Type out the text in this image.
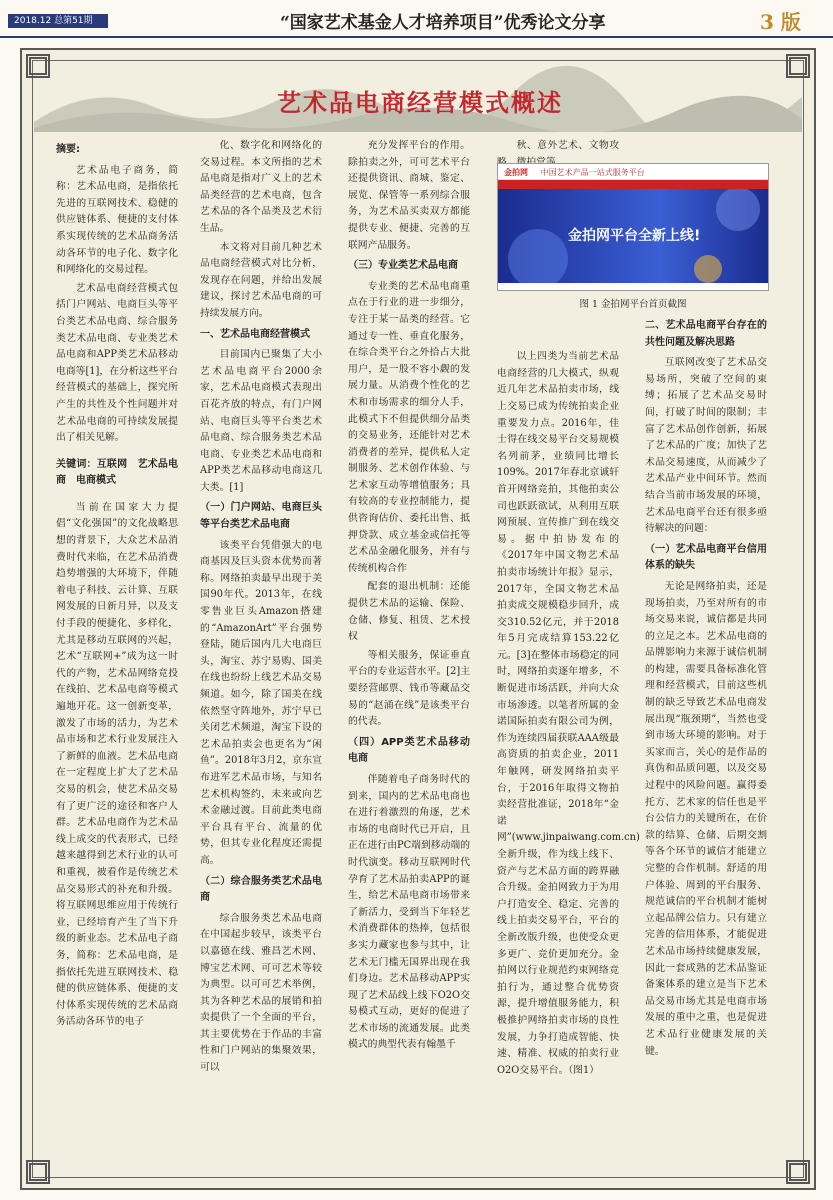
2018.12 总第51期	“国家艺术基金人才培养项目”优秀论文分享	3 版
艺术品电商经营模式概述

摘要:

艺术品电子商务，简称：艺术品电商，是指依托先进的互联网技术、稳健的供应链体系、便捷的支付体系实现传统的艺术品商务活动各环节的电子化、数字化和网络化的交易过程。

艺术品电商经营模式包括门户网站、电商巨头等平台类艺术品电商、综合服务类艺术品电商、专业类艺术品电商和APP类艺术品移动电商等[1]，在分析这些平台经营模式的基础上，探究所产生的共性及个性问题并对艺术品电商的可持续发展提出了相关见解。

关键词：互联网　艺术品电商　电商模式

当前在国家大力提倡“文化强国”的文化战略思想的背景下，大众艺术品消费时代来临，在艺术品消费趋势增强的大环境下，伴随着电子科技、云计算、互联网发展的日新月异，以及支付手段的便捷化、多样化，尤其是移动互联网的兴起，艺术“互联网+”成为这一时代的产物，艺术品网络竞投在线拍、艺术品电商等模式遍地开花。这一创新变革，激发了市场的活力，为艺术品市场和艺术行业发展注入了新鲜的血液。艺术品电商在一定程度上扩大了艺术品交易的机会，使艺术品交易有了更广泛的途径和客户人群。艺术品电商作为艺术品线上成交的代表形式，已经越来越得到艺术行业的认可和重视，被看作是传统艺术品交易形式的补充和升级。将互联网思维应用于传统行业，已经培育产生了当下升级的新业态。艺术品电子商务，简称：艺术品电商，是指依托先进互联网技术、稳健的供应链体系、便捷的支付体系实现传统的艺术品商务活动各环节的电子

化、数字化和网络化的交易过程。本文所指的艺术品电商是指对广义上的艺术品类经营的艺术电商，包含艺术品的各个品类及艺术衍生品。

本文将对目前几种艺术品电商经营模式对比分析，发现存在问题，并给出发展建议，探讨艺术品电商的可持续发展方向。

一、艺术品电商经营模式

目前国内已聚集了大小艺术品电商平台2000余家，艺术品电商模式表现出百花齐放的特点，有门户网站、电商巨头等平台类艺术品电商、综合服务类艺术品电商、专业类艺术品电商和APP类艺术品移动电商这几大类。[1]

（一）门户网站、电商巨头等平台类艺术品电商

该类平台凭借强大的电商基因及巨头资本优势而著称。网络拍卖最早出现于美国90年代。2013年，在线零售业巨头Amazon搭建的“AmazonArt”平台强势登陆，随后国内几大电商巨头，淘宝、苏宁易购、国美在线也纷纷上线艺术品交易频道。如今，除了国美在线依然坚守阵地外，苏宁早已关闭艺术频道，淘宝下设的艺术品拍卖会也更名为“闲鱼”。2018年3月2，京东宣布进军艺术品市场，与知名艺术机构签约，未来或向艺术金融过渡。目前此类电商平台具有平台、流量的优势，但其专业化程度还需提高。

（二）综合服务类艺术品电商

综合服务类艺术品电商在中国起步较早，该类平台以嘉德在线、雅昌艺术网、博宝艺术网、可可艺术等较为典型。以可可艺术举例，其为各种艺术品的展销和拍卖提供了一个全面的平台，其主要优势在于作品的丰富性和门户网站的集聚效果，可以

充分发挥平台的作用。除拍卖之外，可可艺术平台还提供资讯、商城、鉴定、展览、保管等一系列综合服务，为艺术品买卖双方都能提供专业、便捷、完善的互联网产品服务。

（三）专业类艺术品电商

专业类的艺术品电商重点在于行业的进一步细分，专注于某一品类的经营。它通过专一性、垂直化服务，在综合类平台之外拾占大批用户，是一股不容小觑的发展力量。从消费个性化的艺术和市场需求的细分人手，此模式下不但提供细分品类的交易业务，还能针对艺术消费者的差异，提供私人定制服务、艺术创作体验、与艺术家互动等增值服务；具有较高的专业控制能力，提供咨询估价、委托出售、抵押贷款、成立基金或信托等艺术品金融化服务，并有与传统机构合作

配套的退出机制：还能提供艺术品的运输、保险、仓储、修复、租赁、艺术授权

等相关服务，保证垂直平台的专业运营水平。[2]主要经营邮票、钱币等藏品交易的“赵涌在线”是该类平台的代表。

（四）APP类艺术品移动电商

伴随着电子商务时代的到来，国内的艺术品电商也在进行着激烈的角逐，艺术市场的电商时代已开启，且正在进行由PC端到移动端的时代演变。移动互联网时代孕育了艺术品拍卖APP的诞生，给艺术品电商市场带来了新活力，受到当下年轻艺术消费群体的热捧，包括很多实力藏家也参与其中，让艺术无门槛无国界出现在我们身边。艺术品移动APP实现了艺术品线上线下O2O交易模式互动，更好的促进了艺术市场的流通发展。此类模式的典型代表有翰墨千

秋、意外艺术、文物攻

以上四类为当前艺术品电商经营的几大模式，纵观近几年艺术品拍卖市场，线上交易已成为传统拍卖企业重要发力点。2016年，佳士得在线交易平台交易规模名列前茅，业绩同比增长109%。2017年春北京诚轩首开网络竞拍，其他拍卖公司也跃跃欲试，从利用互联网预展、宣传推广到在线交易。据中拍协发布的《2017年中国文物艺术品拍卖市场统计年报》显示，2017年，全国文物艺术品拍卖成交规模稳步回升，成交310.52亿元，并于2018年5月完成结算153.22亿元。[3]在整体市场稳定的同时，网络拍卖逐年增多，不断促进市场活跃，并向大众市场渗透。以笔者所属的金诺国际拍卖有限公司为例，作为连续四届获联AAA级最高资质的拍卖企业，2011年触网，研发网络拍卖平台，于2016年取得文物拍卖经营批准证，2018年“金诺网”(www.jinpaiwang.com.cn)全新升级，作为线上线下、资产与艺术品方面的跨界融合升级。金拍网致力于为用户打造安全、稳定、完善的线上拍卖交易平台，平台的全新改版升级，也使受众更多更广、竞价更加充分。金拍网以行业规范约束网络竞拍行为，通过整合优势资源，提升增值服务能力，积极推护网络拍卖市场的良性发展，力争打造成智能、快速、精准、权威的拍卖行业O2O交易平台。（图1）

二、艺术品电商平台存在的共性问题及解决思路

互联网改变了艺术品交易场所，突破了空间的束缚；拓展了艺术品交易时间，打破了时间的限制；丰富了艺术品创作创新，拓展了艺术品的广度；加快了艺术品交易速度，从而减少了艺术品产业中间环节。然而结合当前市场发展的环境，艺术品电商平台还有很多亟待解决的问题：

（一）艺术品电商平台信用体系的缺失

无论是网络拍卖，还是现场拍卖，乃至对所有的市场交易来说，诚信都是共同的立足之本。艺术品电商的品牌影响力来源于诚信机制的构建，需要具备标准化管理和经营模式，目前这些机制的缺乏导致艺术品电商发展出现“瓶颈期”，当然也受到市场大环境的影响。对于买家而言，关心的是作品的真伪和品质问题，以及交易过程中的风险问题。赢得委托方、艺术家的信任也是平台公信力的关键所在，在价款的结算、仓储、后期交割等各个环节的诚信才能建立完整的合作机制。舒适的用户体验、周到的平台服务、规范诚信的平台机制才能树立起品牌公信力。只有建立完善的信用体系，才能促进艺术品市场持续健康发展，因此一套成熟的艺术品鉴证备案体系的建立是当下艺术品交易市场尤其是电商市场发展的重中之重，也是促进艺术品行业健康发展的关键。

金拍网 中国艺术产品一站式服务平台
金拍网平台全新上线!
图 1 金拍网平台首页截图
